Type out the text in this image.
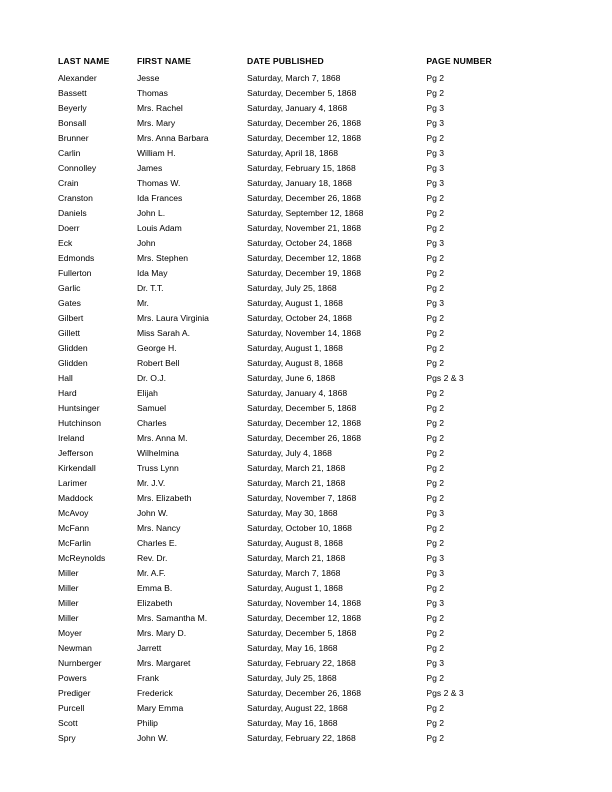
LAST NAME	FIRST NAME	DATE PUBLISHED	PAGE NUMBER
Alexander	Jesse	Saturday, March 7, 1868	Pg 2
Bassett	Thomas	Saturday, December 5, 1868	Pg 2
Beyerly	Mrs. Rachel	Saturday, January 4, 1868	Pg 3
Bonsall	Mrs. Mary	Saturday, December 26, 1868	Pg 3
Brunner	Mrs. Anna Barbara	Saturday, December 12, 1868	Pg 2
Carlin	William H.	Saturday, April 18, 1868	Pg 3
Connolley	James	Saturday, February 15, 1868	Pg 3
Crain	Thomas W.	Saturday, January 18, 1868	Pg 3
Cranston	Ida Frances	Saturday, December 26, 1868	Pg 2
Daniels	John L.	Saturday, September 12, 1868	Pg 2
Doerr	Louis Adam	Saturday, November 21, 1868	Pg 2
Eck	John	Saturday, October 24, 1868	Pg 3
Edmonds	Mrs. Stephen	Saturday, December 12, 1868	Pg 2
Fullerton	Ida May	Saturday, December 19, 1868	Pg 2
Garlic	Dr. T.T.	Saturday, July 25, 1868	Pg 2
Gates	Mr.	Saturday, August 1, 1868	Pg 3
Gilbert	Mrs. Laura Virginia	Saturday, October 24, 1868	Pg 2
Gillett	Miss Sarah A.	Saturday, November 14, 1868	Pg 2
Glidden	George H.	Saturday, August 1, 1868	Pg 2
Glidden	Robert Bell	Saturday, August 8, 1868	Pg 2
Hall	Dr. O.J.	Saturday, June 6, 1868	Pgs 2 & 3
Hard	Elijah	Saturday, January 4, 1868	Pg 2
Huntsinger	Samuel	Saturday, December 5, 1868	Pg 2
Hutchinson	Charles	Saturday, December 12, 1868	Pg 2
Ireland	Mrs. Anna M.	Saturday, December 26, 1868	Pg 2
Jefferson	Wilhelmina	Saturday, July 4, 1868	Pg 2
Kirkendall	Truss Lynn	Saturday, March 21, 1868	Pg 2
Larimer	Mr. J.V.	Saturday, March 21, 1868	Pg 2
Maddock	Mrs. Elizabeth	Saturday, November 7, 1868	Pg 2
McAvoy	John W.	Saturday, May 30, 1868	Pg 3
McFann	Mrs. Nancy	Saturday, October 10, 1868	Pg 2
McFarlin	Charles E.	Saturday, August 8, 1868	Pg 2
McReynolds	Rev. Dr.	Saturday, March 21, 1868	Pg 3
Miller	Mr. A.F.	Saturday, March 7, 1868	Pg 3
Miller	Emma B.	Saturday, August 1, 1868	Pg 2
Miller	Elizabeth	Saturday, November 14, 1868	Pg 3
Miller	Mrs. Samantha M.	Saturday, December 12, 1868	Pg 2
Moyer	Mrs. Mary D.	Saturday, December 5, 1868	Pg 2
Newman	Jarrett	Saturday, May 16, 1868	Pg 2
Nurnberger	Mrs. Margaret	Saturday, February 22, 1868	Pg 3
Powers	Frank	Saturday, July 25, 1868	Pg 2
Prediger	Frederick	Saturday, December 26, 1868	Pgs 2 & 3
Purcell	Mary Emma	Saturday, August 22, 1868	Pg 2
Scott	Philip	Saturday, May 16, 1868	Pg 2
Spry	John W.	Saturday, February 22, 1868	Pg 2
